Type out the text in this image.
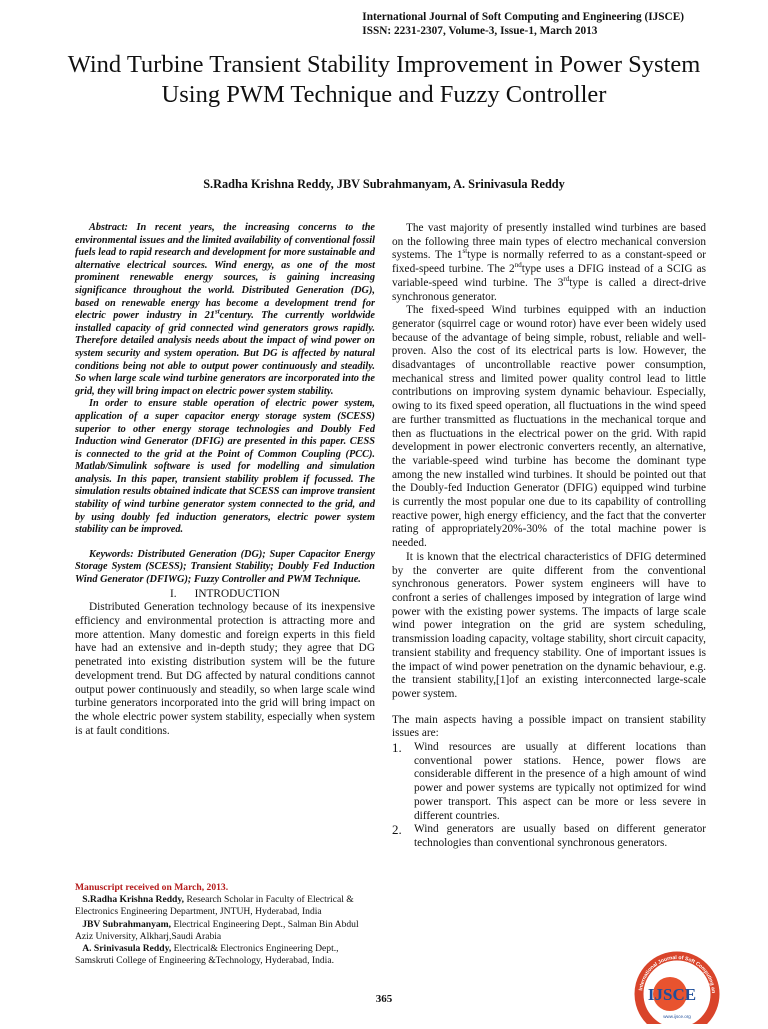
International Journal of Soft Computing and Engineering (IJSCE)
ISSN: 2231-2307, Volume-3, Issue-1, March 2013
Wind Turbine Transient Stability Improvement in Power System Using PWM Technique and Fuzzy Controller
S.Radha Krishna Reddy, JBV Subrahmanyam, A. Srinivasula Reddy

Abstract: In recent years, the increasing concerns to the environmental issues and the limited availability of conventional fossil fuels lead to rapid research and development for more sustainable and alternative electrical sources. Wind energy, as one of the most prominent renewable energy sources, is gaining increasing significance throughout the world. Distributed Generation (DG), based on renewable energy has become a development trend for electric power industry in 21stcentury. The currently worldwide installed capacity of grid connected wind generators grows rapidly. Therefore detailed analysis needs about the impact of wind power on system security and system operation. But DG is affected by natural conditions being not able to output power continuously and steadily. So when large scale wind turbine generators are incorporated into the grid, they will bring impact on electric power system stability.

In order to ensure stable operation of electric power system, application of a super capacitor energy storage system (SCESS) superior to other energy storage technologies and Doubly Fed Induction wind Generator (DFIG) are presented in this paper. CESS is connected to the grid at the Point of Common Coupling (PCC). Matlab/Simulink software is used for modelling and simulation analysis. In this paper, transient stability problem if focussed. The simulation results obtained indicate that SCESS can improve transient stability of wind turbine generator system connected to the grid, and by using doubly fed induction generators, electric power system stability can be improved.

Keywords: Distributed Generation (DG); Super Capacitor Energy Storage System (SCESS); Transient Stability; Doubly Fed Induction Wind Generator (DFIWG); Fuzzy Controller and PWM Technique.

I. INTRODUCTION

Distributed Generation technology because of its inexpensive efficiency and environmental protection is attracting more and more attention. Many domestic and foreign experts in this field have had an extensive and in-depth study; they agree that DG penetrated into existing distribution system will be the future development trend. But DG affected by natural conditions cannot output power continuously and steadily, so when large scale wind turbine generators incorporated into the grid will bring impact on the whole electric power system stability, especially when system is at fault conditions.

Manuscript received on March, 2013.

S.Radha Krishna Reddy, Research Scholar in Faculty of Electrical & Electronics Engineering Department, JNTUH, Hyderabad, India

JBV Subrahmanyam, Electrical Engineering Dept., Salman Bin Abdul Aziz University, Alkharj,Saudi Arabia

A. Srinivasula Reddy, Electrical& Electronics Engineering Dept., Samskruti College of Engineering &Technology, Hyderabad, India.

The vast majority of presently installed wind turbines are based on the following three main types of electro mechanical conversion systems. The 1sttype is normally referred to as a constant-speed or fixed-speed turbine. The 2ndtype uses a DFIG instead of a SCIG as variable-speed wind turbine. The 3rdtype is called a direct-drive synchronous generator.

The fixed-speed Wind turbines equipped with an induction generator (squirrel cage or wound rotor) have ever been widely used because of the advantage of being simple, robust, reliable and well-proven. Also the cost of its electrical parts is low. However, the disadvantages of uncontrollable reactive power consumption, mechanical stress and limited power quality control lead to little contributions on improving system dynamic behaviour. Especially, owing to its fixed speed operation, all fluctuations in the wind speed are further transmitted as fluctuations in the mechanical torque and then as fluctuations in the electrical power on the grid. With rapid development in power electronic converters recently, an alternative, the variable-speed wind turbine has become the dominant type among the new installed wind turbines. It should be pointed out that the Doubly-fed Induction Generator (DFIG) equipped wind turbine is currently the most popular one due to its capability of controlling reactive power, high energy efficiency, and the fact that the converter rating of appropriately20%-30% of the total machine power is needed.

It is known that the electrical characteristics of DFIG determined by the converter are quite different from the conventional synchronous generators. Power system engineers will have to confront a series of challenges imposed by integration of large wind power with the existing power systems. The impacts of large scale wind power integration on the grid are system scheduling, transmission loading capacity, voltage stability, short circuit capacity, transient stability and frequency stability. One of important issues is the impact of wind power penetration on the dynamic behaviour, e.g. the transient stability,[1]of an existing interconnected large-scale power system.

The main aspects having a possible impact on transient stability issues are:

1.	Wind resources are usually at different locations than conventional power stations. Hence, power flows are considerable different in the presence of a high amount of wind power and power systems are typically not optimized for wind power transport. This aspect can be more or less severe in different countries.
2.	Wind generators are usually based on different generator technologies than conventional synchronous generators.
365
International Journal of Soft Computing an
IJSCE
www.ijsce.org
